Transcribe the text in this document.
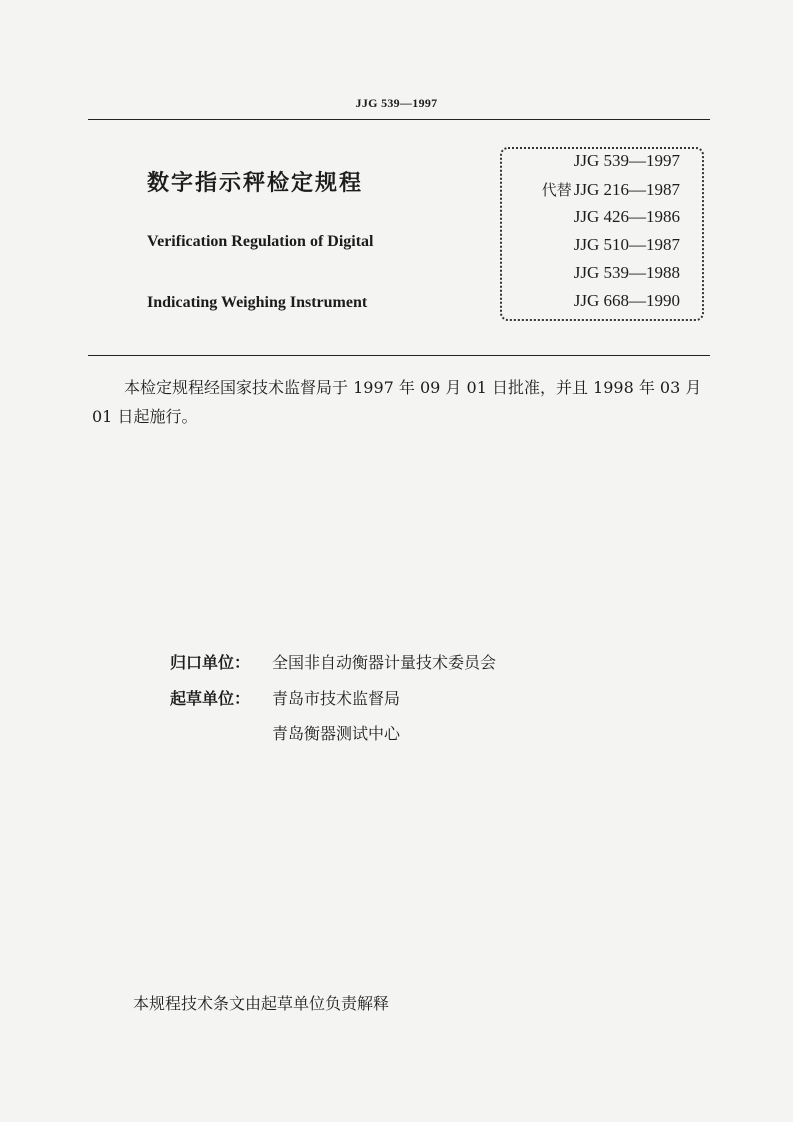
JJG 539—1997
数字指示秤检定规程
Verification Regulation of Digital
Indicating Weighing Instrument
JJG 539—1997
代替 JJG 216—1987
JJG 426—1986
JJG 510—1987
JJG 539—1988
JJG 668—1990
本检定规程经国家技术监督局于 1997 年 09 月 01 日批准，并且 1998 年 03 月 01 日起施行。
归口单位： 全国非自动衡器计量技术委员会
起草单位： 青岛市技术监督局
青岛衡器测试中心
本规程技术条文由起草单位负责解释
